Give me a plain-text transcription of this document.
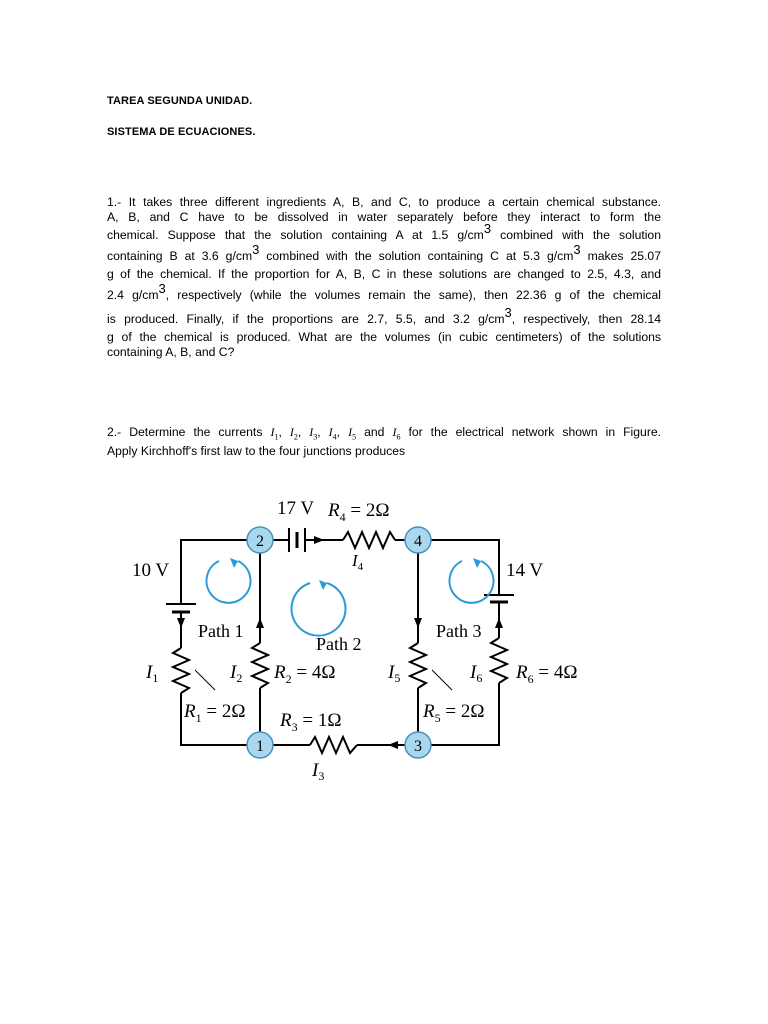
TAREA SEGUNDA UNIDAD.
SISTEMA DE ECUACIONES.
1.- It takes three different ingredients A, B, and C, to produce a certain chemical substance.
A, B, and C have to be dissolved in water separately before they interact to form the
chemical. Suppose that the solution containing A at 1.5 $g/cm^3$ combined with the solution
containing B at 3.6 $g/cm^3$ combined with the solution containing C at 5.3 $g/cm^3$ makes 25.07
g of the chemical. If the proportion for A, B, C in these solutions are changed to 2.5, 4.3, and
2.4 $g/cm^3$, respectively (while the volumes remain the same), then 22.36 g of the chemical
is produced. Finally, if the proportions are 2.7, 5.5, and 3.2 $g/cm^3$, respectively, then 28.14
g of the chemical is produced. What are the volumes (in cubic centimeters) of the solutions
containing A, B, and C?
2.- Determine the currents $I_1$, $I_2$, $I_3$, $I_4$, $I_5$ and $I_6$ for the electrical network shown in Figure.
Apply Kirchhoff's first law to the four junctions produces
1
2
3
4
17 V
10 V	14 V
$R_4 = 2\Omega$
$I_4$
Path 1
Path 2
Path 3
$I_1$	$I_2$ $R_2 = 4\Omega$	$I_5$	$I_6$ $R_6 = 4\Omega$
$R_1 = 2\Omega$ $R_3 = 1\Omega$	$R_5 = 2\Omega$
$I_3$
